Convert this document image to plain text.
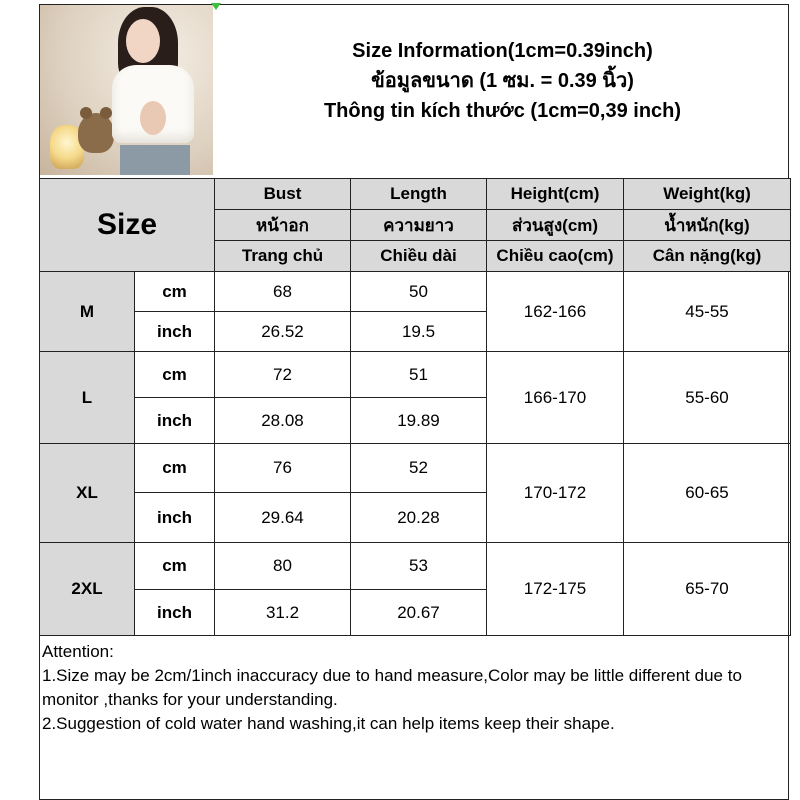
Size Information(1cm=0.39inch)
ข้อมูลขนาด (1 ซม. = 0.39 นิ้ว)
Thông tin kích thước (1cm=0,39 inch)
Size		Bust	Length	Height(cm)	Weight(kg)
		หน้าอก	ความยาว	ส่วนสูง(cm)	น้ำหนัก(kg)
		Trang chủ	Chiều dài	Chiều cao(cm)	Cân nặng(kg)
M	cm	68	50	162-166	45-55
	inch	26.52	19.5		
L	cm	72	51	166-170	55-60
	inch	28.08	19.89		
XL	cm	76	52	170-172	60-65
	inch	29.64	20.28		
2XL	cm	80	53	172-175	65-70
	inch	31.2	20.67		
Attention:
1.Size may be 2cm/1inch inaccuracy due to hand measure,Color may be little different due to monitor ,thanks for your understanding.
2.Suggestion of cold water hand washing,it can help items keep their shape.
